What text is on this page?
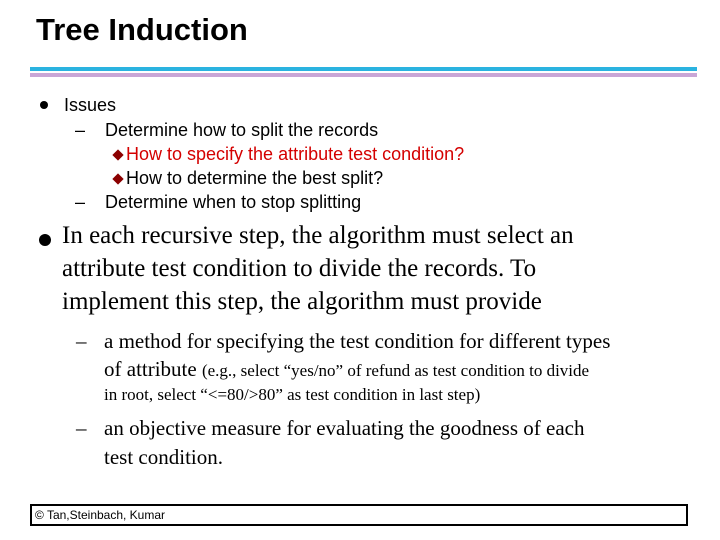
Tree Induction
Issues
– Determine how to split the records
How to specify the attribute test condition?
How to determine the best split?
– Determine when to stop splitting
In each recursive step, the algorithm must select an
attribute test condition to divide the records. To
implement this step, the algorithm must provide
– a method for specifying the test condition for different types
of attribute (e.g., select “yes/no” of refund as test condition to divide
in root, select “<=80/>80” as test condition in last step)
– an objective measure for evaluating the goodness of each
test condition.
© Tan,Steinbach, Kumar
